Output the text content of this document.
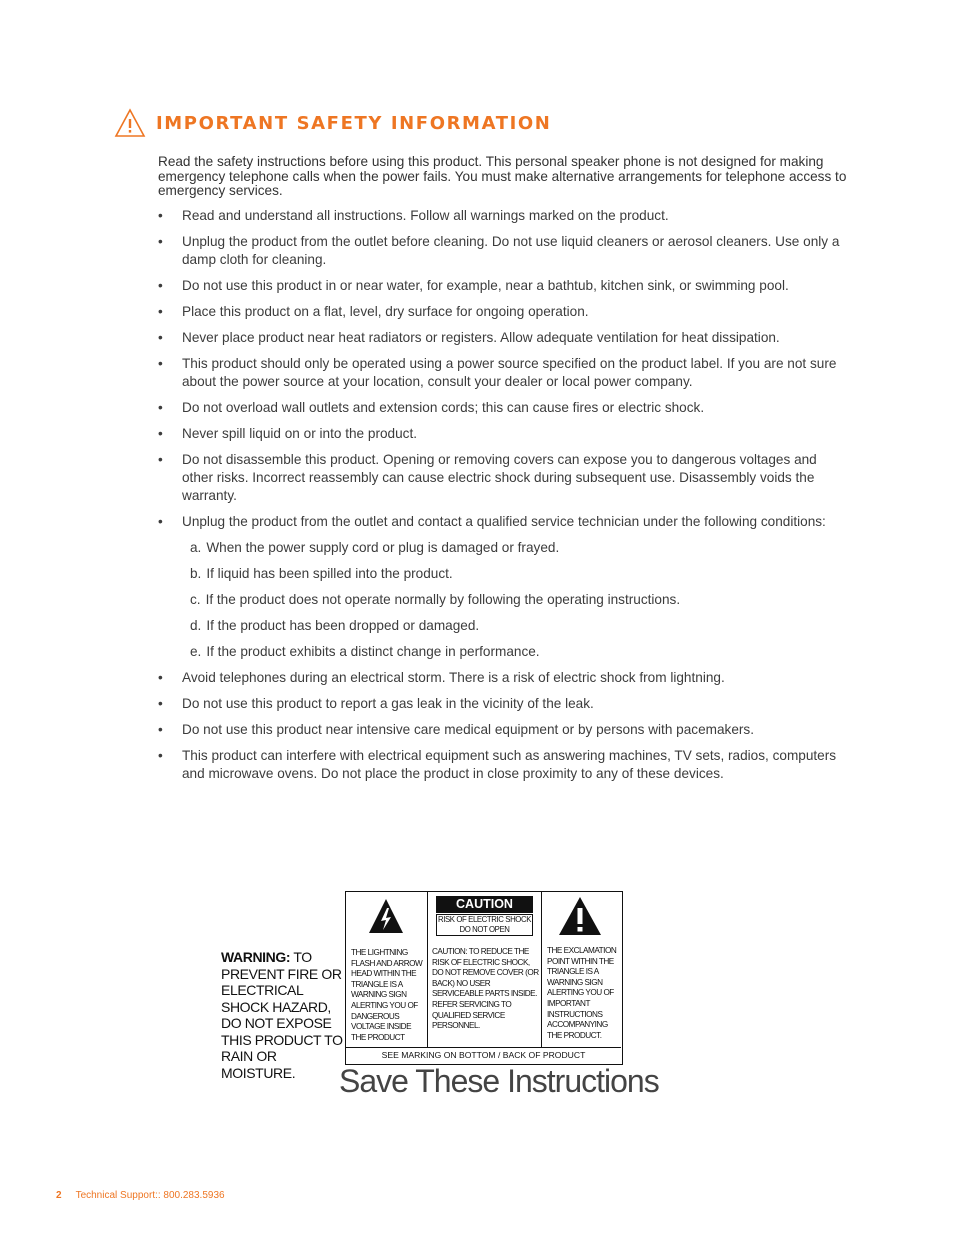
IMPORTANT SAFETY INFORMATION
Read the safety instructions before using this product. This personal speaker phone is not designed for making emergency telephone calls when the power fails. You must make alternative arrangements for telephone access to emergency services.
• Read and understand all instructions. Follow all warnings marked on the product.
• Unplug the product from the outlet before cleaning. Do not use liquid cleaners or aerosol cleaners. Use only a damp cloth for cleaning.
• Do not use this product in or near water, for example, near a bathtub, kitchen sink, or swimming pool.
• Place this product on a flat, level, dry surface for ongoing operation.
• Never place product near heat radiators or registers. Allow adequate ventilation for heat dissipation.
• This product should only be operated using a power source specified on the product label. If you are not sure about the power source at your location, consult your dealer or local power company.
• Do not overload wall outlets and extension cords; this can cause fires or electric shock.
• Never spill liquid on or into the product.
• Do not disassemble this product. Opening or removing covers can expose you to dangerous voltages and other risks. Incorrect reassembly can cause electric shock during subsequent use. Disassembly voids the warranty.
• Unplug the product from the outlet and contact a qualified service technician under the following conditions:
a. When the power supply cord or plug is damaged or frayed.
b. If liquid has been spilled into the product.
c. If the product does not operate normally by following the operating instructions.
d. If the product has been dropped or damaged.
e. If the product exhibits a distinct change in performance.
• Avoid telephones during an electrical storm. There is a risk of electric shock from lightning.
• Do not use this product to report a gas leak in the vicinity of the leak.
• Do not use this product near intensive care medical equipment or by persons with pacemakers.
• This product can interfere with electrical equipment such as answering machines, TV sets, radios, computers and microwave ovens. Do not place the product in close proximity to any of these devices.
WARNING: TO PREVENT FIRE OR ELECTRICAL SHOCK HAZARD, DO NOT EXPOSE THIS PRODUCT TO RAIN OR MOISTURE.
THE LIGHTNING FLASH AND ARROW HEAD WITHIN THE TRIANGLE IS A WARNING SIGN ALERTING YOU OF DANGEROUS VOLTAGE INSIDE THE PRODUCT
CAUTION
RISK OF ELECTRIC SHOCK
DO NOT OPEN
CAUTION: TO REDUCE THE RISK OF ELECTRIC SHOCK, DO NOT REMOVE COVER (OR BACK) NO USER SERVICEABLE PARTS INSIDE. REFER SERVICING TO QUALIFIED SERVICE PERSONNEL.
THE EXCLAMATION POINT WITHIN THE TRIANGLE IS A WARNING SIGN ALERTING YOU OF IMPORTANT INSTRUCTIONS ACCOMPANYING THE PRODUCT.
SEE MARKING ON BOTTOM / BACK OF PRODUCT
Save These Instructions
2 Technical Support:: 800.283.5936
